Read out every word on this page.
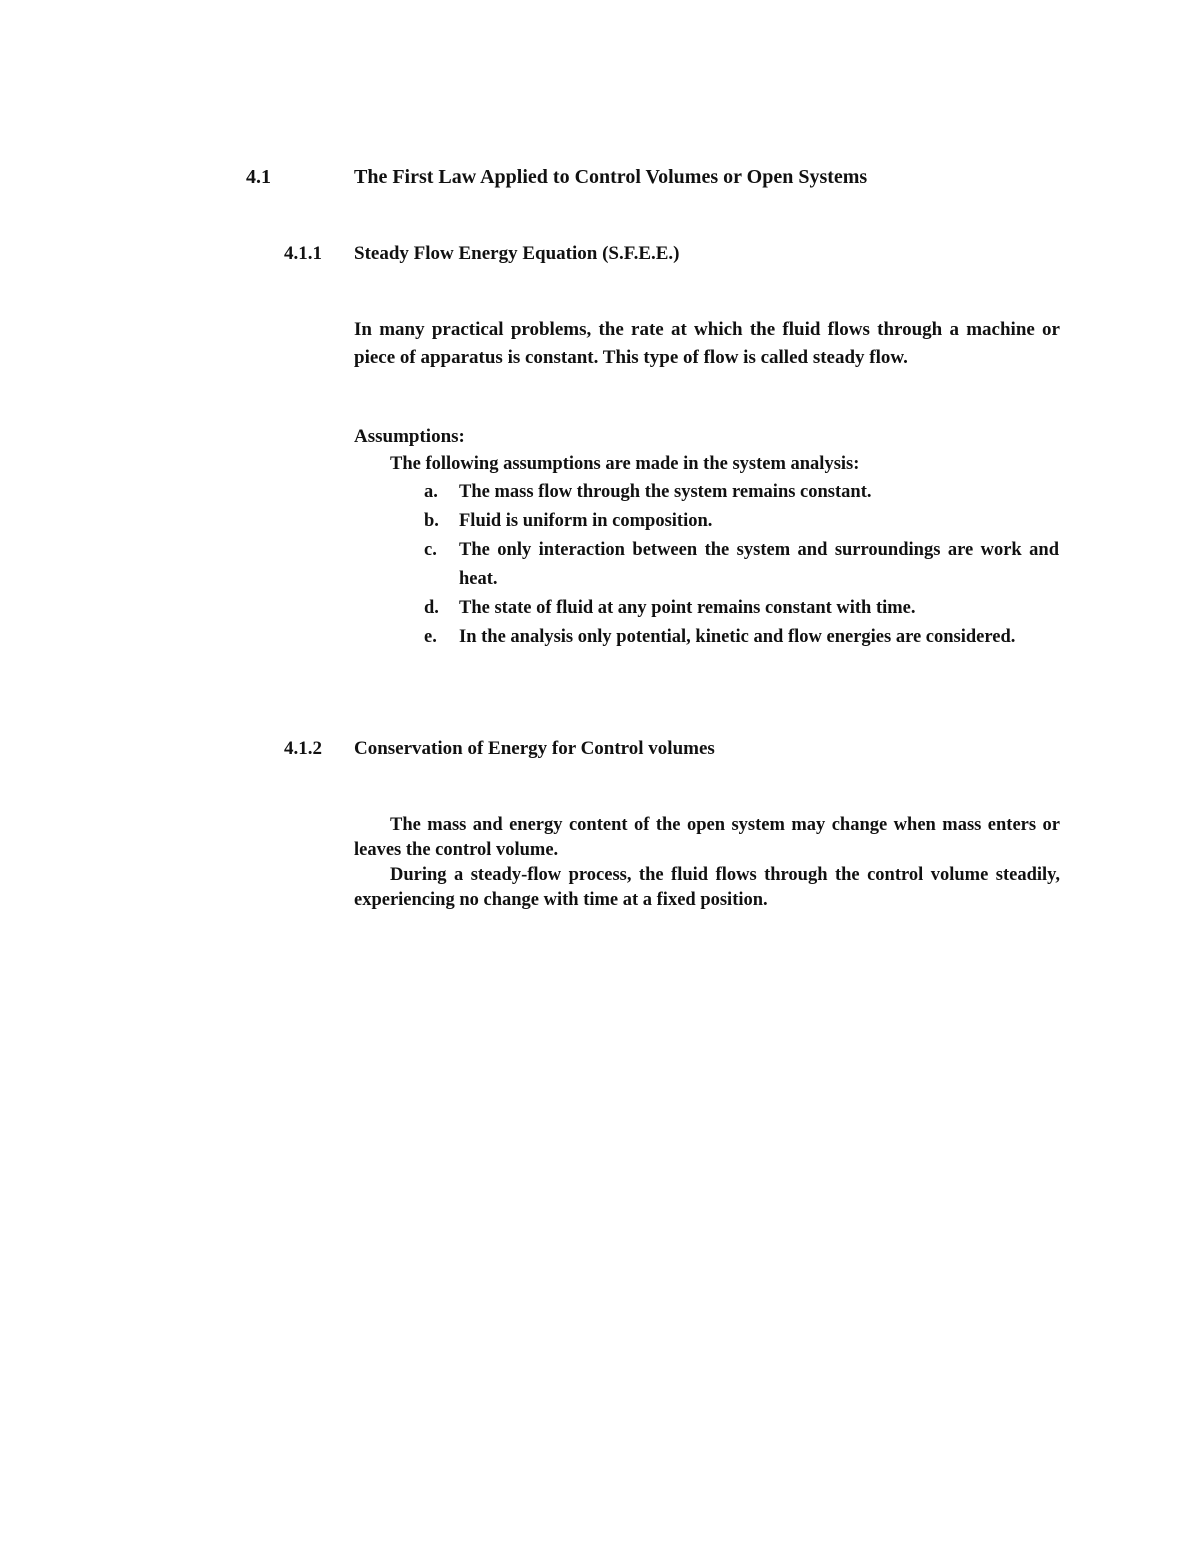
4.1	The First Law Applied to Control Volumes or Open Systems
4.1.1 Steady Flow Energy Equation (S.F.E.E.)
In many practical problems, the rate at which the fluid flows through a machine or piece of apparatus is constant. This type of flow is called steady flow.
Assumptions:
The following assumptions are made in the system analysis:
a.	The mass flow through the system remains constant.
b.	Fluid is uniform in composition.
c.	The only interaction between the system and surroundings are work and heat.
d.	The state of fluid at any point remains constant with time.
e.	In the analysis only potential, kinetic and flow energies are considered.
4.1.2 Conservation of Energy for Control volumes
The mass and energy content of the open system may change when mass enters or leaves the control volume.
During a steady-flow process, the fluid flows through the control volume steadily, experiencing no change with time at a fixed position.
